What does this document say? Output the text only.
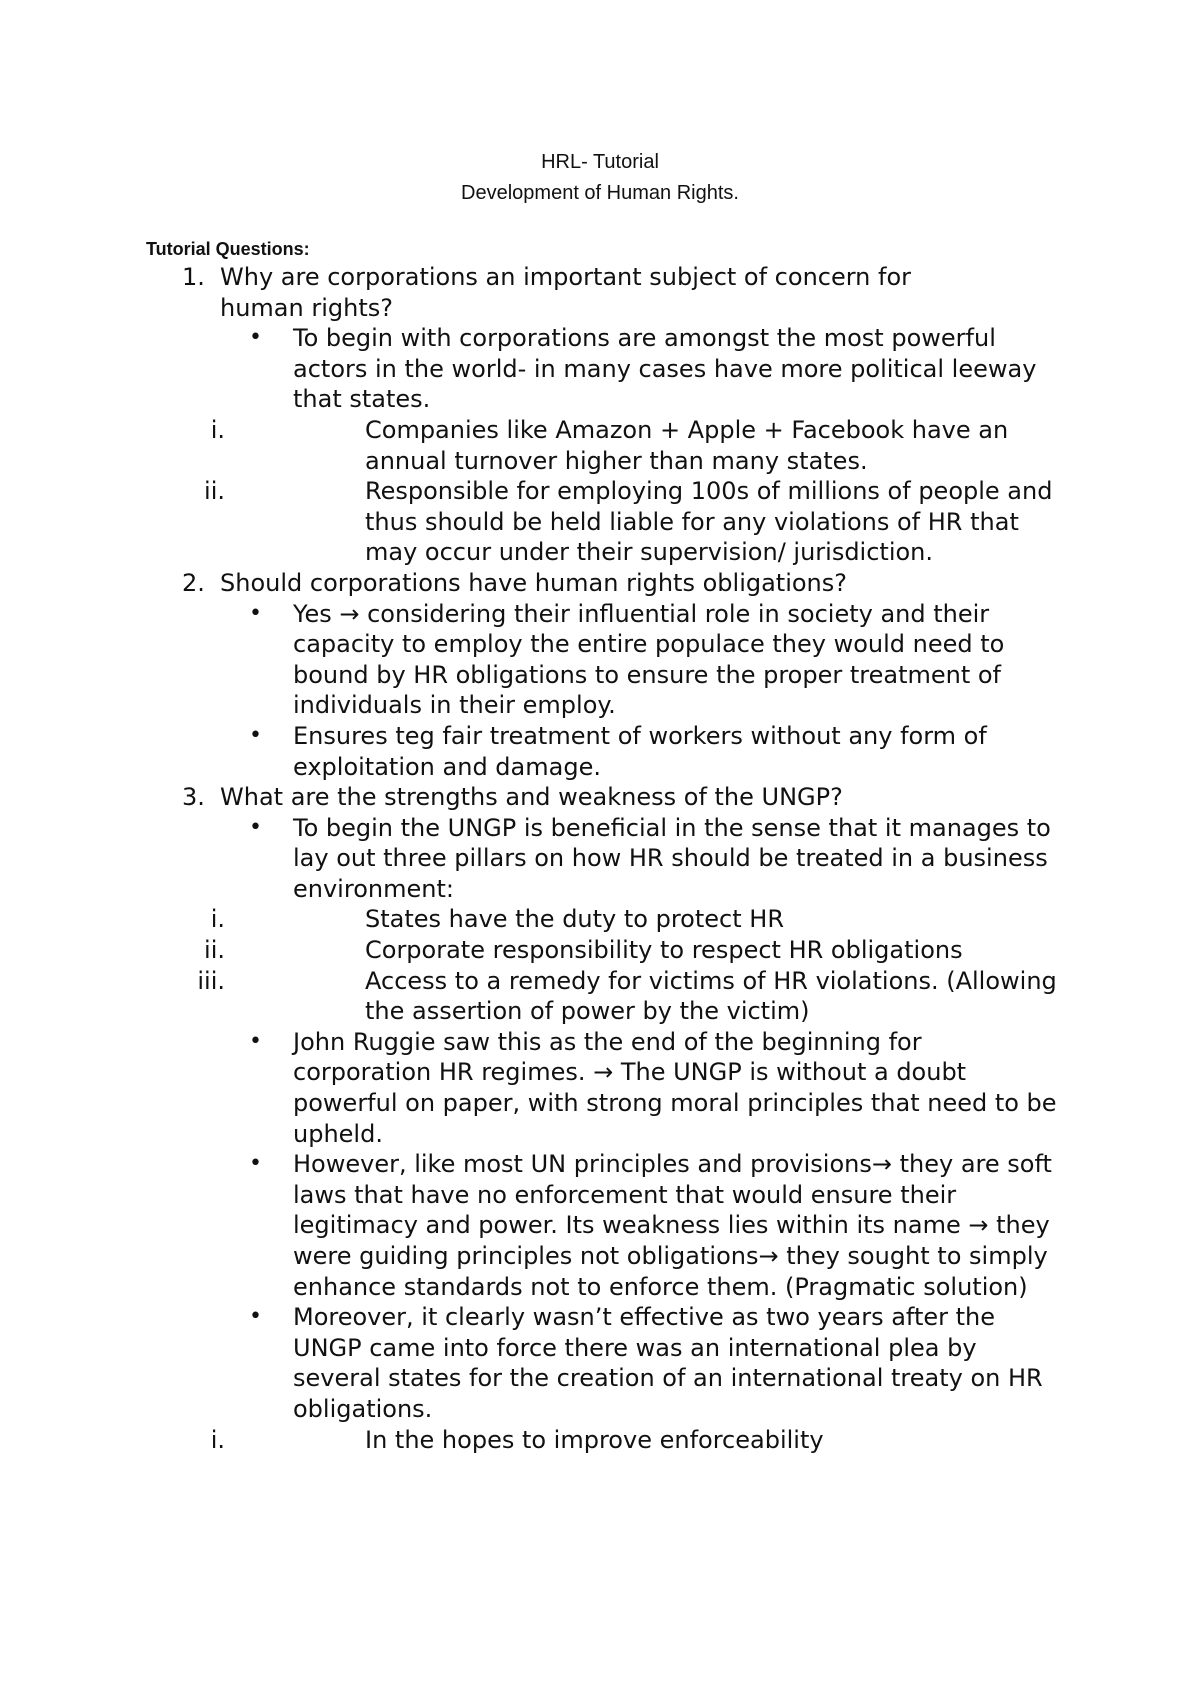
HRL- Tutorial
Development of Human Rights.
Tutorial Questions:
1. Why are corporations an important subject of concern for human rights?
• To begin with corporations are amongst the most powerful actors in the world- in many cases have more political leeway that states.
i.	Companies like Amazon + Apple + Facebook have an annual turnover higher than many states.
ii.	Responsible for employing 100s of millions of people and thus should be held liable for any violations of HR that may occur under their supervision/ jurisdiction.
2. Should corporations have human rights obligations?
• Yes → considering their influential role in society and their capacity to employ the entire populace they would need to bound by HR obligations to ensure the proper treatment of individuals in their employ.
• Ensures teg fair treatment of workers without any form of exploitation and damage.
3. What are the strengths and weakness of the UNGP?
• To begin the UNGP is beneficial in the sense that it manages to lay out three pillars on how HR should be treated in a business environment:
i.	States have the duty to protect HR
ii.	Corporate responsibility to respect HR obligations
iii.	Access to a remedy for victims of HR violations. (Allowing the assertion of power by the victim)
• John Ruggie saw this as the end of the beginning for corporation HR regimes. → The UNGP is without a doubt powerful on paper, with strong moral principles that need to be upheld.
• However, like most UN principles and provisions→ they are soft laws that have no enforcement that would ensure their legitimacy and power. Its weakness lies within its name → they were guiding principles not obligations→ they sought to simply enhance standards not to enforce them. (Pragmatic solution)
• Moreover, it clearly wasn’t effective as two years after the UNGP came into force there was an international plea by several states for the creation of an international treaty on HR obligations.
i.	In the hopes to improve enforceability
